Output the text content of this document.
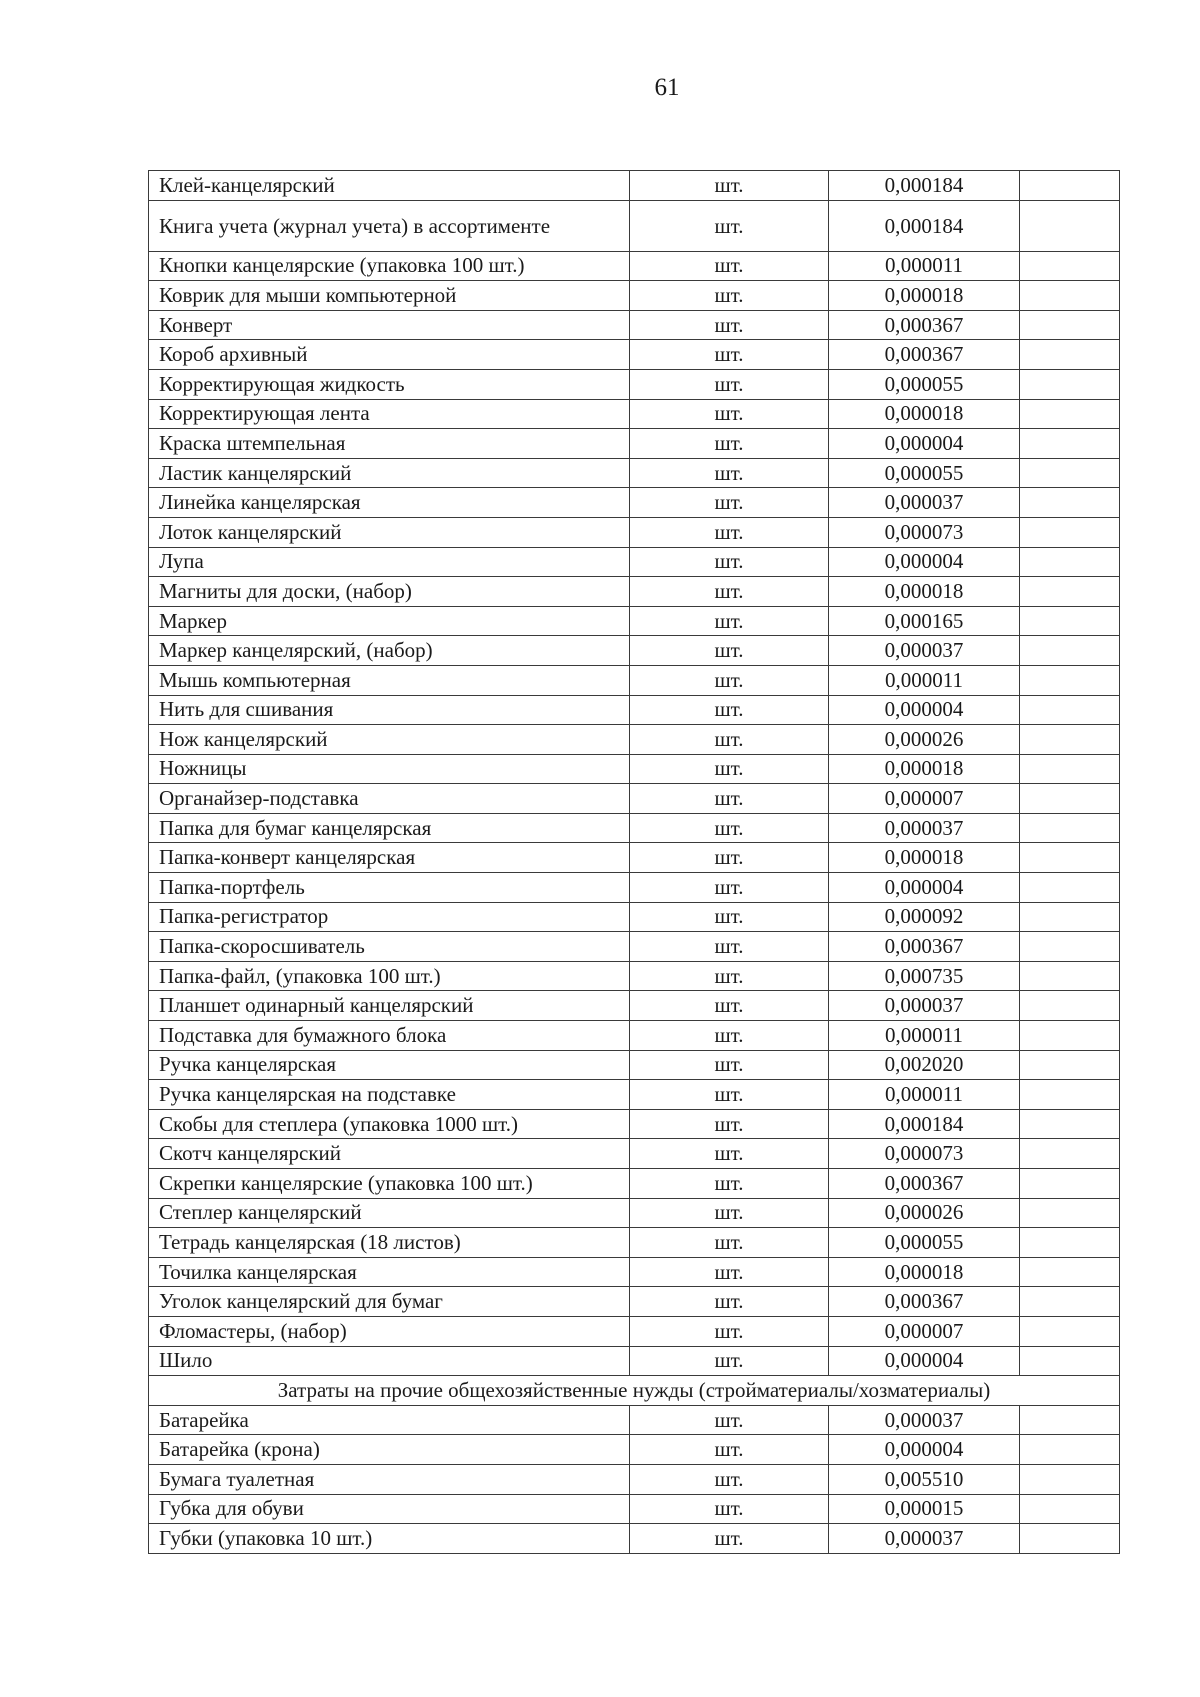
61
Клей-канцелярский	шт.	0,000184	
Книга учета (журнал учета) в ассортименте	шт.	0,000184	
Кнопки канцелярские (упаковка 100 шт.)	шт.	0,000011	
Коврик для мыши компьютерной	шт.	0,000018	
Конверт	шт.	0,000367	
Короб архивный	шт.	0,000367	
Корректирующая жидкость	шт.	0,000055	
Корректирующая лента	шт.	0,000018	
Краска штемпельная	шт.	0,000004	
Ластик канцелярский	шт.	0,000055	
Линейка канцелярская	шт.	0,000037	
Лоток канцелярский	шт.	0,000073	
Лупа	шт.	0,000004	
Магниты для доски, (набор)	шт.	0,000018	
Маркер	шт.	0,000165	
Маркер канцелярский, (набор)	шт.	0,000037	
Мышь компьютерная	шт.	0,000011	
Нить для сшивания	шт.	0,000004	
Нож канцелярский	шт.	0,000026	
Ножницы	шт.	0,000018	
Органайзер-подставка	шт.	0,000007	
Папка для бумаг канцелярская	шт.	0,000037	
Папка-конверт канцелярская	шт.	0,000018	
Папка-портфель	шт.	0,000004	
Папка-регистратор	шт.	0,000092	
Папка-скоросшиватель	шт.	0,000367	
Папка-файл, (упаковка 100 шт.)	шт.	0,000735	
Планшет одинарный канцелярский	шт.	0,000037	
Подставка для бумажного блока	шт.	0,000011	
Ручка канцелярская	шт.	0,002020	
Ручка канцелярская на подставке	шт.	0,000011	
Скобы для степлера (упаковка 1000 шт.)	шт.	0,000184	
Скотч канцелярский	шт.	0,000073	
Скрепки канцелярские (упаковка 100 шт.)	шт.	0,000367	
Степлер канцелярский	шт.	0,000026	
Тетрадь канцелярская (18 листов)	шт.	0,000055	
Точилка канцелярская	шт.	0,000018	
Уголок канцелярский для бумаг	шт.	0,000367	
Фломастеры, (набор)	шт.	0,000007	
Шило	шт.	0,000004	
Затраты на прочие общехозяйственные нужды (стройматериалы/хозматериалы)			
Батарейка	шт.	0,000037	
Батарейка (крона)	шт.	0,000004	
Бумага туалетная	шт.	0,005510	
Губка для обуви	шт.	0,000015	
Губки (упаковка 10 шт.)	шт.	0,000037	
